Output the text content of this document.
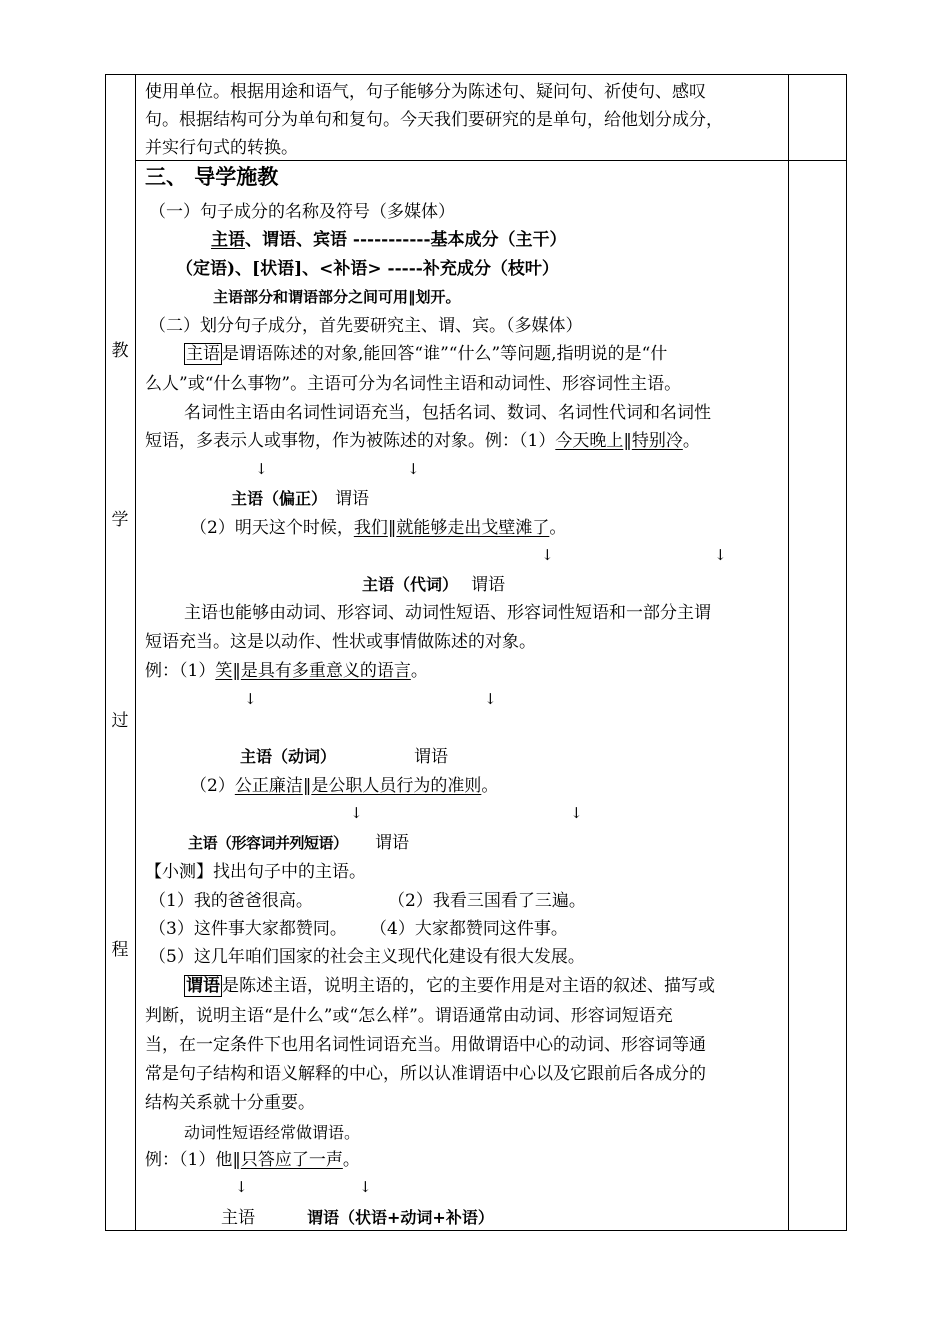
教
学
过
程
使用单位。根据用途和语气，句子能够分为陈述句、疑问句、祈使句、感叹
句。根据结构可分为单句和复句。今天我们要研究的是单句，给他划分成分，
并实行句式的转换。
三、 导学施教
（一）句子成分的名称及符号（多媒体）
主语、谓语、宾语 -----------基本成分（主干）
（定语)、[状语]、<补语> -----补充成分（枝叶）
主语部分和谓语部分之间可用‖划开。
（二）划分句子成分，首先要研究主、谓、宾。（多媒体）
主语 是谓语陈述的对象,能回答“谁”“什么”等问题,指明说的是“什
么人”或“什么事物”。主语可分为名词性主语和动词性、形容词性主语。
名词性主语由名词性词语充当，包括名词、数词、名词性代词和名词性
短语，多表示人或事物，作为被陈述的对象。例：（1）今天晚上‖特别冷。
↓	↓
主语（偏正） 谓语
（2）明天这个时候，我们‖就能够走出戈壁滩了。
↓	↓
主语（代词） 谓语
主语也能够由动词、形容词、动词性短语、形容词性短语和一部分主谓
短语充当。这是以动作、性状或事情做陈述的对象。
例：（1）笑‖是具有多重意义的语言。
↓	↓
主语（动词）	谓语
（2）公正廉洁‖是公职人员行为的准则。
↓	↓
主语（形容词并列短语） 谓语
【小测】找出句子中的主语。
（1）我的爸爸很高。	（2）我看三国看了三遍。
（3）这件事大家都赞同。 （4）大家都赞同这件事。
（5）这几年咱们国家的社会主义现代化建设有很大发展。
谓语 是陈述主语，说明主语的，它的主要作用是对主语的叙述、描写或
判断，说明主语“是什么”或“怎么样”。谓语通常由动词、形容词短语充
当，在一定条件下也用名词性词语充当。用做谓语中心的动词、形容词等通
常是句子结构和语义解释的中心，所以认准谓语中心以及它跟前后各成分的
结构关系就十分重要。
动词性短语经常做谓语。
例：（1）他‖只答应了一声。
↓	↓
主语	谓语（状语+动词+补语）
